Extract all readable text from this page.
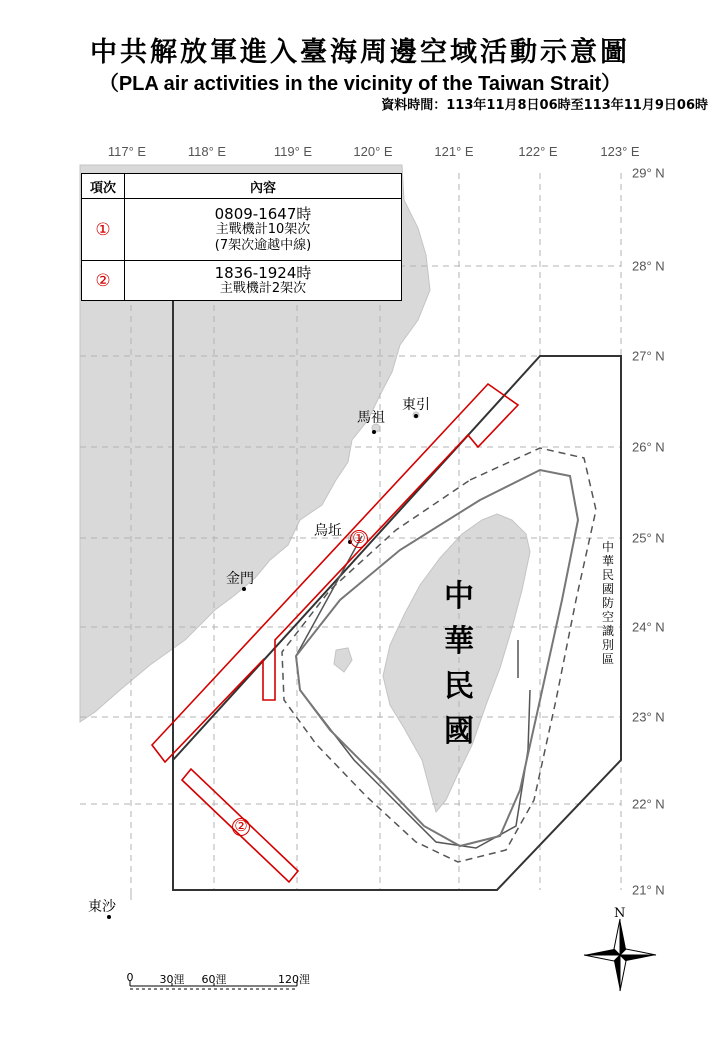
中共解放軍進入臺海周邊空域活動示意圖
（PLA air activities in the vicinity of the Taiwan Strait）
資料時間：113年11月8日06時至113年11月9日06時
117° E	118° E	119° E	120° E	121° E	122° E	123° E
29° N
28° N
27° N
26° N
25° N
24° N
23° N
22° N
21° N
馬祖
東引
烏坵
金門
東沙
中華民國
中華民國防空識別區
①
②
項次	內容
①	0809-1647時
主戰機計10架次
(7架次逾越中線)

②	1836-1924時
主戰機計2架次
N
0 30浬 60浬	120浬
